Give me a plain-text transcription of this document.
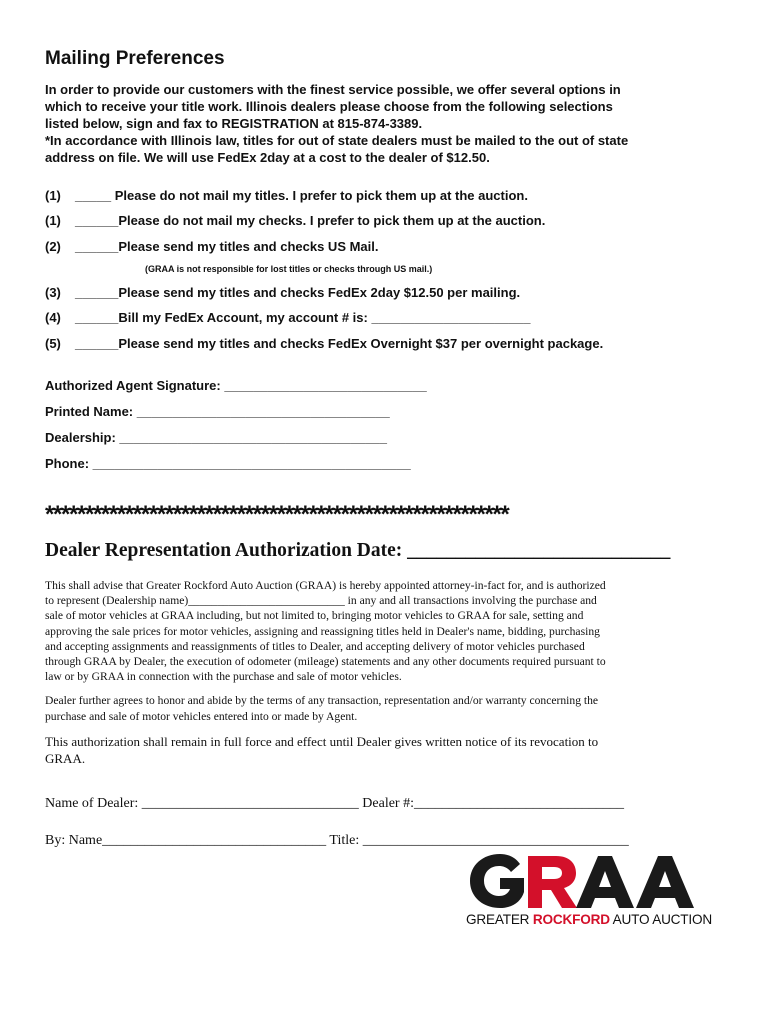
Mailing Preferences

In order to provide our customers with the finest service possible, we offer several options in

which to receive your title work. Illinois dealers please choose from the following selections

listed below, sign and fax to REGISTRATION at 815-874-3389.

*In accordance with Illinois law, titles for out of state dealers must be mailed to the out of state

address on file. We will use FedEx 2day at a cost to the dealer of $12.50.

(1) _____ Please do not mail my titles. I prefer to pick them up at the auction.
(1) ______Please do not mail my checks. I prefer to pick them up at the auction.
(2) ______Please send my titles and checks US Mail.
(GRAA is not responsible for lost titles or checks through US mail.)
(3) ______Please send my titles and checks FedEx 2day $12.50 per mailing.
(4) ______Bill my FedEx Account, my account # is: ______________________
(5) ______Please send my titles and checks FedEx Overnight $37 per overnight package.
Authorized Agent Signature: ____________________________
Printed Name: ___________________________________
Dealership: _____________________________________
Phone: ____________________________________________
**********************************************************
Dealer Representation Authorization Date: ___________________________

This shall advise that Greater Rockford Auto Auction (GRAA) is hereby appointed attorney-in-fact for, and is authorized

to represent (Dealership name)___________________________ in any and all transactions involving the purchase and

sale of motor vehicles at GRAA including, but not limited to, bringing motor vehicles to GRAA for sale, setting and

approving the sale prices for motor vehicles, assigning and reassigning titles held in Dealer's name, bidding, purchasing

and accepting assignments and reassignments of titles to Dealer, and accepting delivery of motor vehicles purchased

through GRAA by Dealer, the execution of odometer (mileage) statements and any other documents required pursuant to

law or by GRAA in connection with the purchase and sale of motor vehicles.

Dealer further agrees to honor and abide by the terms of any transaction, representation and/or warranty concerning the

purchase and sale of motor vehicles entered into or made by Agent.

This authorization shall remain in full force and effect until Dealer gives written notice of its revocation to

GRAA.

Name of Dealer: _______________________________ Dealer #:______________________________
By: Name________________________________ Title: ______________________________________
GREATER ROCKFORD AUTO AUCTION
